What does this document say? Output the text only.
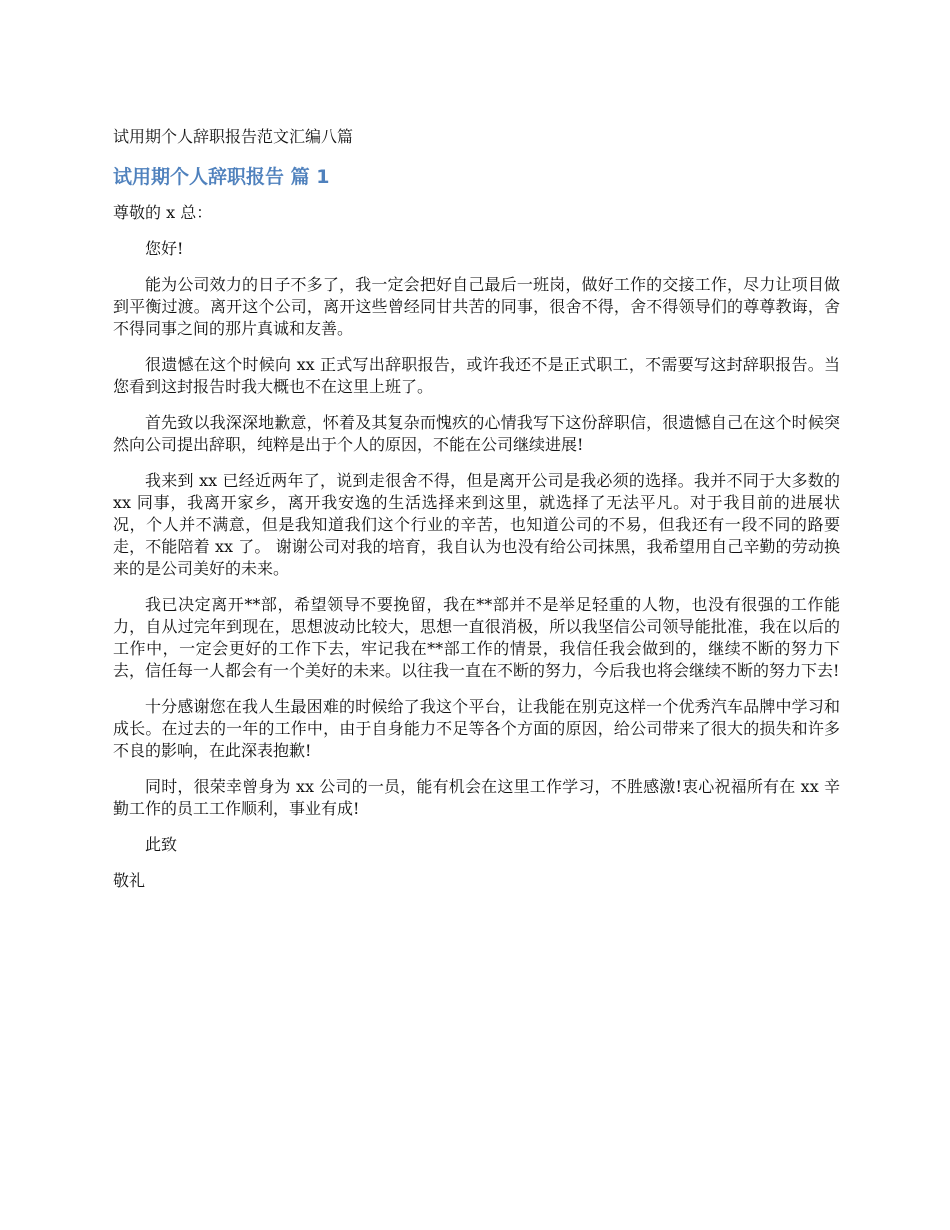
试用期个人辞职报告范文汇编八篇
试用期个人辞职报告 篇 1

尊敬的 x 总：

您好!

能为公司效力的日子不多了，我一定会把好自己最后一班岗，做好工作的交接工作，尽力让项目做到平衡过渡。离开这个公司，离开这些曾经同甘共苦的同事，很舍不得，舍不得领导们的尊尊教诲，舍不得同事之间的那片真诚和友善。

很遗憾在这个时候向 xx 正式写出辞职报告，或许我还不是正式职工，不需要写这封辞职报告。当您看到这封报告时我大概也不在这里上班了。

首先致以我深深地歉意，怀着及其复杂而愧疚的心情我写下这份辞职信，很遗憾自己在这个时候突然向公司提出辞职，纯粹是出于个人的原因，不能在公司继续进展!

我来到 xx 已经近两年了，说到走很舍不得，但是离开公司是我必须的选择。我并不同于大多数的 xx 同事，我离开家乡，离开我安逸的生活选择来到这里，就选择了无法平凡。对于我目前的进展状况，个人并不满意，但是我知道我们这个行业的辛苦，也知道公司的不易，但我还有一段不同的路要走，不能陪着 xx 了。 谢谢公司对我的培育，我自认为也没有给公司抹黑，我希望用自己辛勤的劳动换来的是公司美好的未来。

我已决定离开**部，希望领导不要挽留，我在**部并不是举足轻重的人物，也没有很强的工作能力，自从过完年到现在，思想波动比较大，思想一直很消极，所以我坚信公司领导能批准，我在以后的工作中，一定会更好的工作下去，牢记我在**部工作的情景，我信任我会做到的，继续不断的努力下去，信任每一人都会有一个美好的未来。以往我一直在不断的努力，今后我也将会继续不断的努力下去!

十分感谢您在我人生最困难的时候给了我这个平台，让我能在别克这样一个优秀汽车品牌中学习和成长。在过去的一年的工作中，由于自身能力不足等各个方面的原因，给公司带来了很大的损失和许多不良的影响，在此深表抱歉!

同时，很荣幸曾身为 xx 公司的一员，能有机会在这里工作学习，不胜感激!衷心祝福所有在 xx 辛勤工作的员工工作顺利，事业有成!

此致

敬礼
